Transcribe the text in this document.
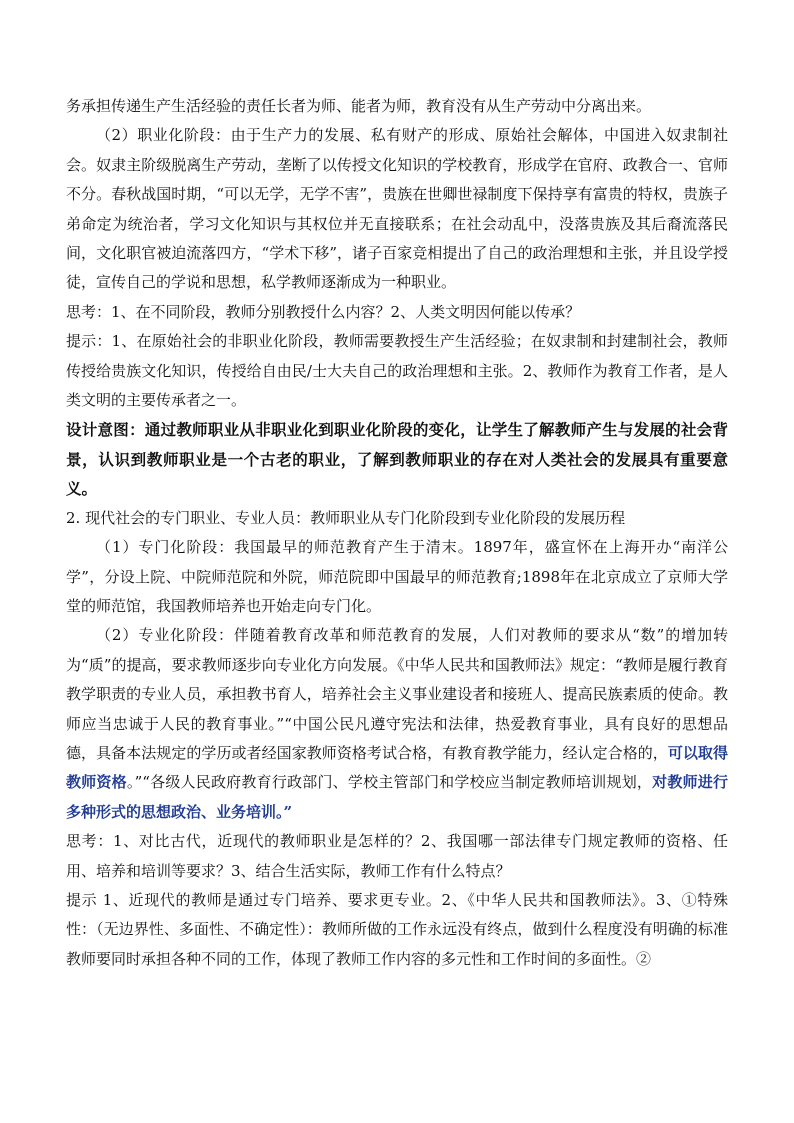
务承担传递生产生活经验的责任长者为师、能者为师，教育没有从生产劳动中分离出来。

（2）职业化阶段：由于生产力的发展、私有财产的形成、原始社会解体，中国进入奴隶制社会。奴隶主阶级脱离生产劳动，垄断了以传授文化知识的学校教育，形成学在官府、政教合一、官师不分。春秋战国时期，“可以无学，无学不害”，贵族在世卿世禄制度下保持享有富贵的特权，贵族子弟命定为统治者，学习文化知识与其权位并无直接联系；在社会动乱中，没落贵族及其后裔流落民间，文化职官被迫流落四方，“学术下移”，诸子百家竞相提出了自己的政治理想和主张，并且设学授徒，宣传自己的学说和思想，私学教师逐渐成为一种职业。

思考：1、在不同阶段，教师分别教授什么内容？2、人类文明因何能以传承？

提示：1、在原始社会的非职业化阶段，教师需要教授生产生活经验；在奴隶制和封建制社会，教师传授给贵族文化知识，传授给自由民/士大夫自己的政治理想和主张。2、教师作为教育工作者，是人类文明的主要传承者之一。

设计意图：通过教师职业从非职业化到职业化阶段的变化，让学生了解教师产生与发展的社会背景，认识到教师职业是一个古老的职业，了解到教师职业的存在对人类社会的发展具有重要意义。

2. 现代社会的专门职业、专业人员：教师职业从专门化阶段到专业化阶段的发展历程

（1）专门化阶段：我国最早的师范教育产生于清末。1897年，盛宣怀在上海开办“南洋公学”，分设上院、中院师范院和外院，师范院即中国最早的师范教育;1898年在北京成立了京师大学堂的师范馆，我国教师培养也开始走向专门化。

（2）专业化阶段：伴随着教育改革和师范教育的发展，人们对教师的要求从“数”的增加转为“质”的提高，要求教师逐步向专业化方向发展。《中华人民共和国教师法》规定：“教师是履行教育教学职责的专业人员，承担教书育人，培养社会主义事业建设者和接班人、提高民族素质的使命。教师应当忠诚于人民的教育事业。”“中国公民凡遵守宪法和法律，热爱教育事业，具有良好的思想品德，具备本法规定的学历或者经国家教师资格考试合格，有教育教学能力，经认定合格的，可以取得教师资格。”“各级人民政府教育行政部门、学校主管部门和学校应当制定教师培训规划，对教师进行多种形式的思想政治、业务培训。”

思考：1、对比古代，近现代的教师职业是怎样的？2、我国哪一部法律专门规定教师的资格、任用、培养和培训等要求？3、结合生活实际，教师工作有什么特点？

提示 1、近现代的教师是通过专门培养、要求更专业。2、《中华人民共和国教师法》。3、①特殊性：（无边界性、多面性、不确定性）：教师所做的工作永远没有终点，做到什么程度没有明确的标准 教师要同时承担各种不同的工作，体现了教师工作内容的多元性和工作时间的多面性。②
